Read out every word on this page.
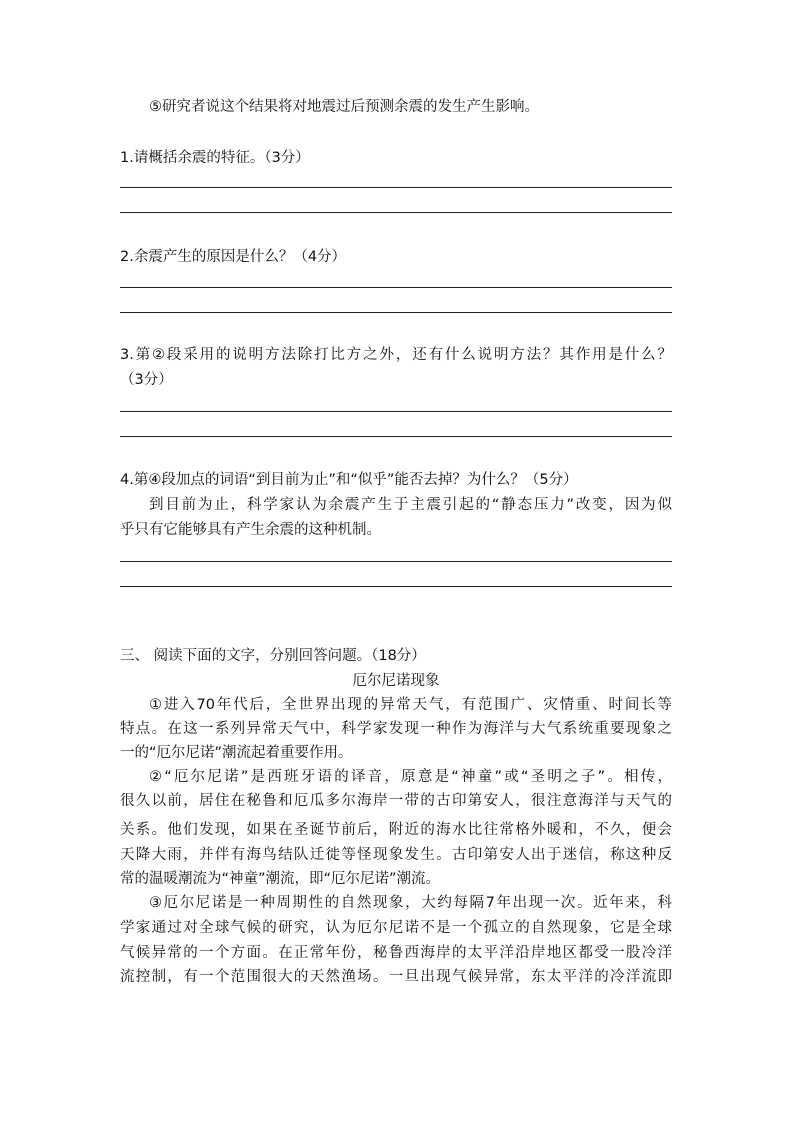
⑤研究者说这个结果将对地震过后预测余震的发生产生影响。

1.请概括余震的特征。（3分）

2.余震产生的原因是什么？（4分）

3.第②段采用的说明方法除打比方之外，还有什么说明方法？其作用是什么？

（3分）

4.第④段加点的词语“到目前为止”和“似乎”能否去掉？为什么？（5分）

到目前为止，科学家认为余震产生于主震引起的“静态压力”改变，因为似

乎只有它能够具有产生余震的这种机制。

三、 阅读下面的文字，分别回答问题。（18分）

厄尔尼诺现象

①进入70年代后，全世界出现的异常天气，有范围广、灾情重、时间长等

特点。在这一系列异常天气中，科学家发现一种作为海洋与大气系统重要现象之

一的“厄尔尼诺”潮流起着重要作用。

②“厄尔尼诺”是西班牙语的译音，原意是“神童”或“圣明之子”。相传，

很久以前，居住在秘鲁和厄瓜多尔海岸一带的古印第安人，很注意海洋与天气的

关系。他们发现，如果在圣诞节前后，附近的海水比往常格外暖和，不久，便会

天降大雨，并伴有海鸟结队迁徙等怪现象发生。古印第安人出于迷信，称这种反

常的温暖潮流为“神童”潮流，即“厄尔尼诺”潮流。

③厄尔尼诺是一种周期性的自然现象，大约每隔7年出现一次。近年来，科

学家通过对全球气候的研究，认为厄尔尼诺不是一个孤立的自然现象，它是全球

气候异常的一个方面。在正常年份，秘鲁西海岸的太平洋沿岸地区都受一股冷洋

流控制，有一个范围很大的天然渔场。一旦出现气候异常，东太平洋的冷洋流即
